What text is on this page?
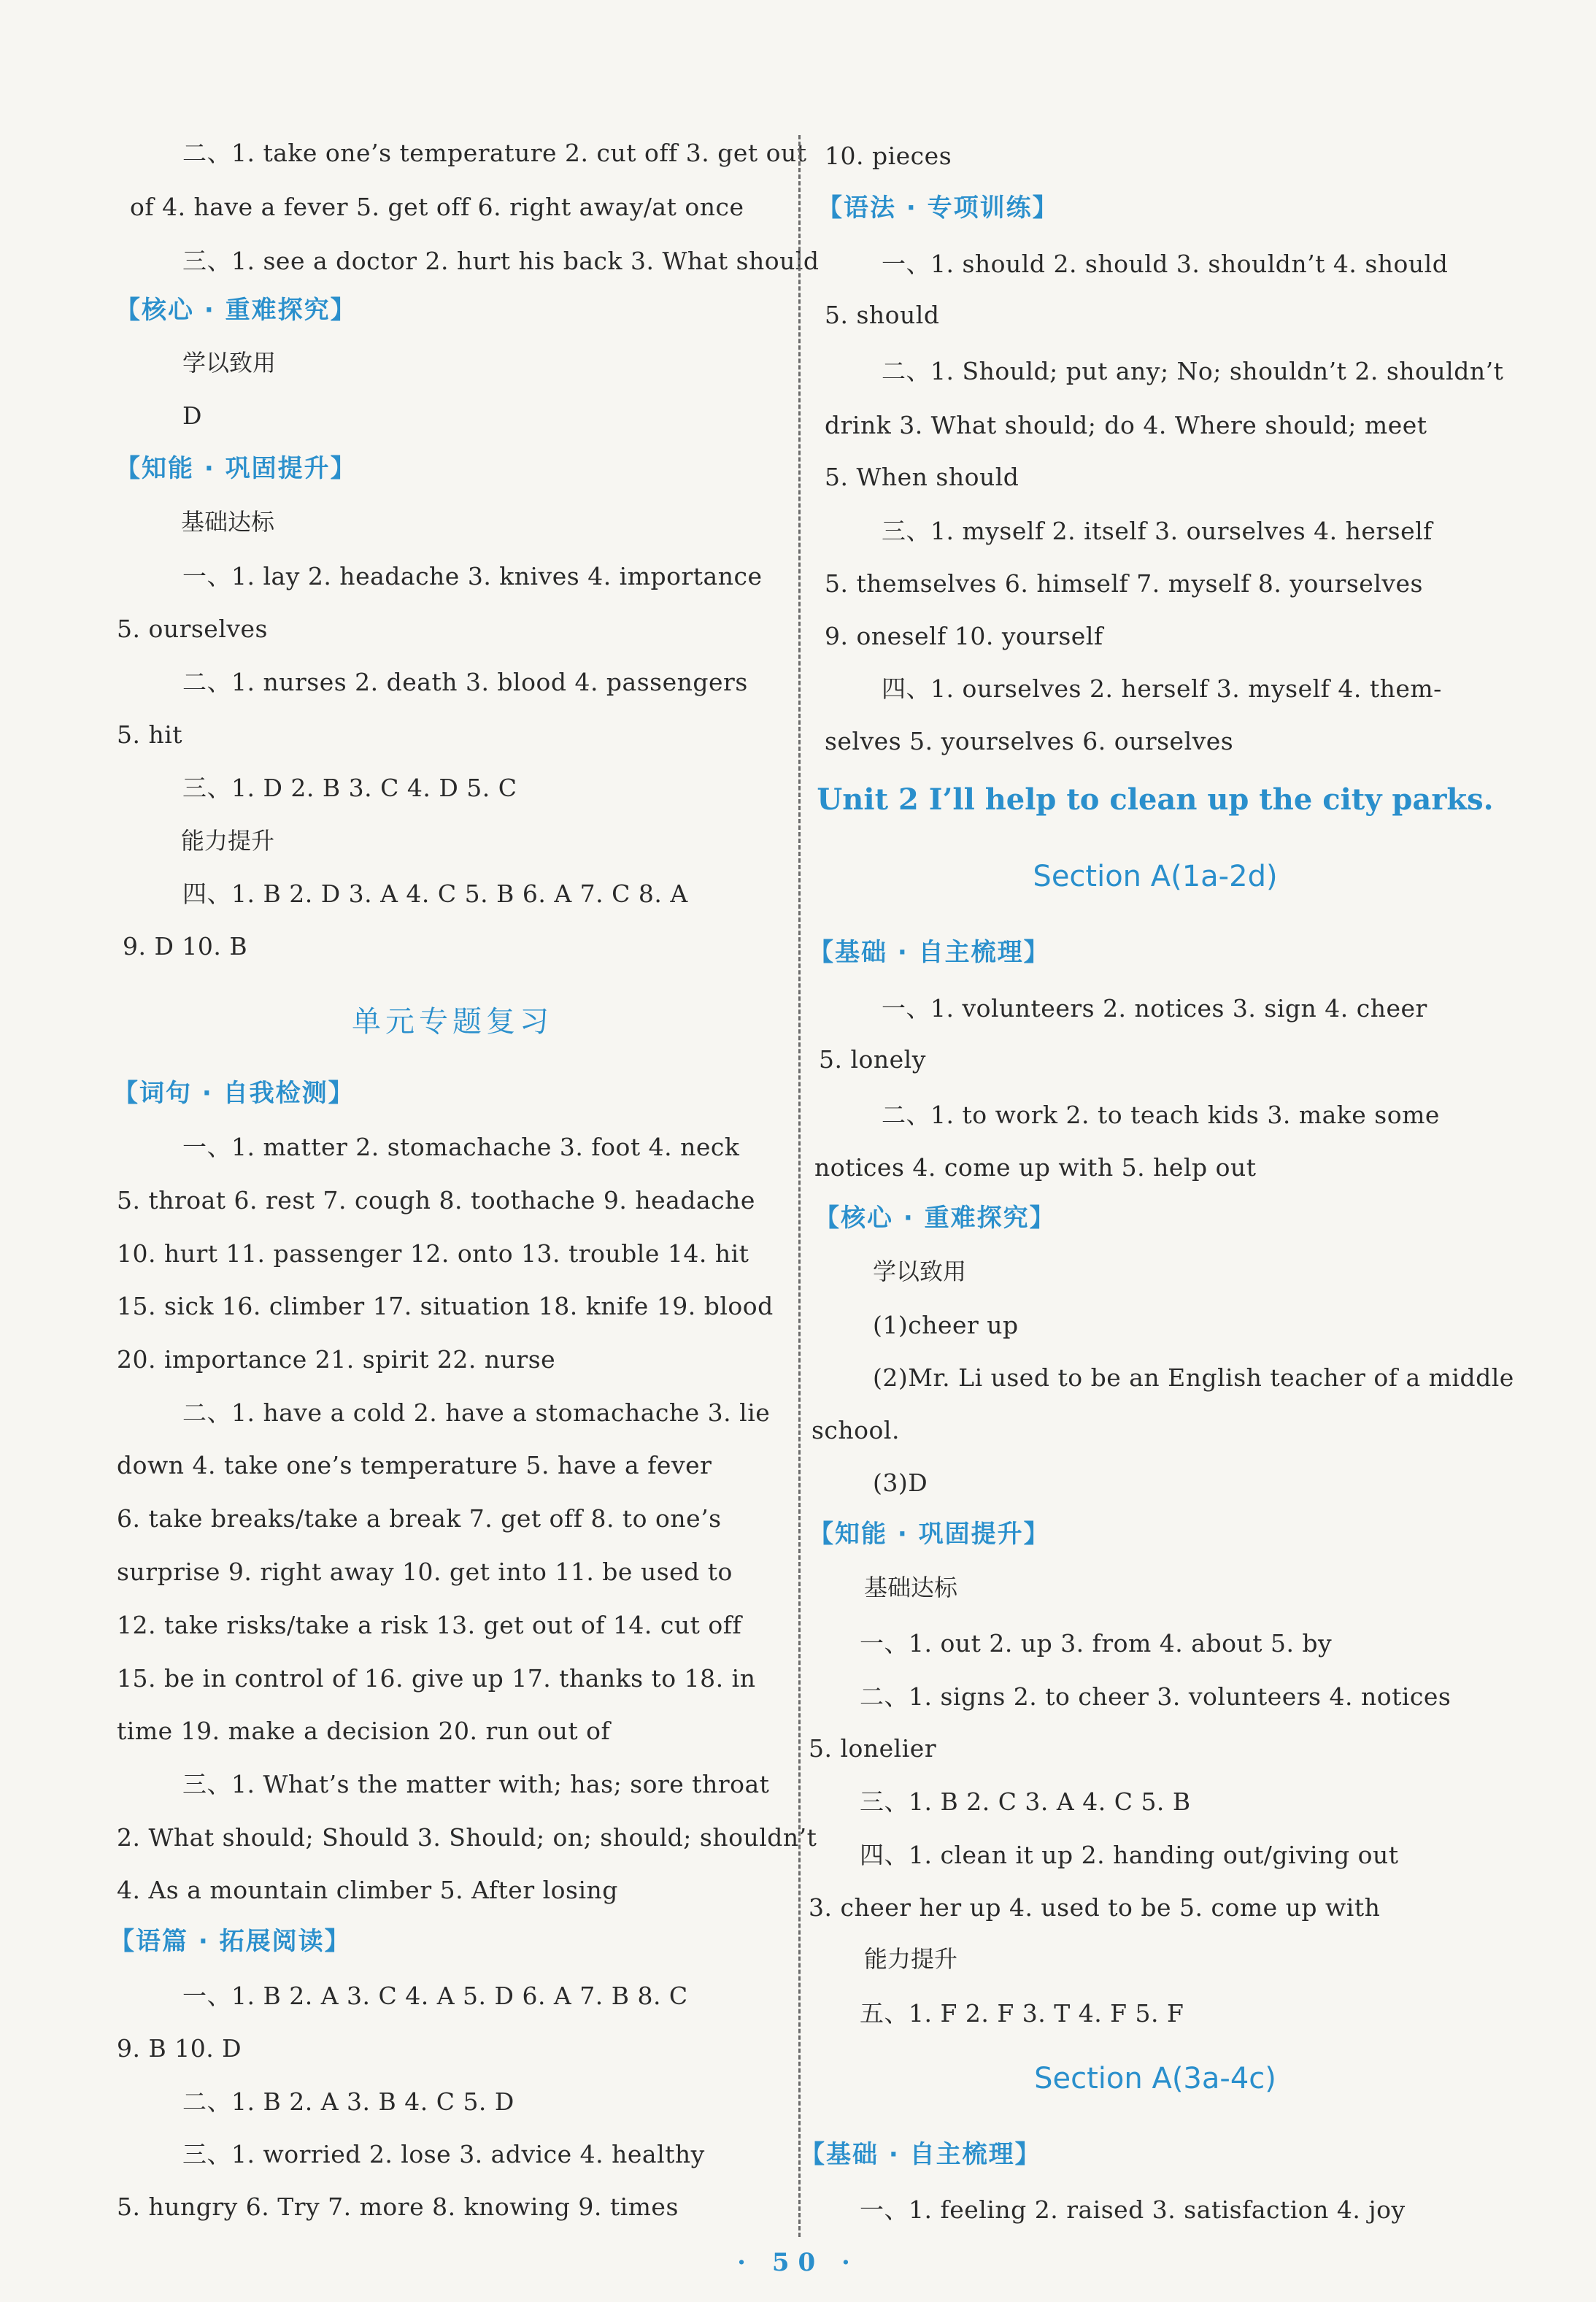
二、1. take one’s temperature 2. cut off 3. get out
of 4. have a fever 5. get off 6. right away/at once
三、1. see a doctor 2. hurt his back 3. What should
【核心 · 重难探究】
学以致用
D
【知能 · 巩固提升】
基础达标
一、1. lay 2. headache 3. knives 4. importance
5. ourselves
二、1. nurses 2. death 3. blood 4. passengers
5. hit
三、1. D 2. B 3. C 4. D 5. C
能力提升
四、1. B 2. D 3. A 4. C 5. B 6. A 7. C 8. A
9. D 10. B
单元专题复习
【词句 · 自我检测】
一、1. matter 2. stomachache 3. foot 4. neck
5. throat 6. rest 7. cough 8. toothache 9. headache
10. hurt 11. passenger 12. onto 13. trouble 14. hit
15. sick 16. climber 17. situation 18. knife 19. blood
20. importance 21. spirit 22. nurse
二、1. have a cold 2. have a stomachache 3. lie
down 4. take one’s temperature 5. have a fever
6. take breaks/take a break 7. get off 8. to one’s
surprise 9. right away 10. get into 11. be used to
12. take risks/take a risk 13. get out of 14. cut off
15. be in control of 16. give up 17. thanks to 18. in
time 19. make a decision 20. run out of
三、1. What’s the matter with; has; sore throat
2. What should; Should 3. Should; on; should; shouldn’t
4. As a mountain climber 5. After losing
【语篇 · 拓展阅读】
一、1. B 2. A 3. C 4. A 5. D 6. A 7. B 8. C
9. B 10. D
二、1. B 2. A 3. B 4. C 5. D
三、1. worried 2. lose 3. advice 4. healthy
5. hungry 6. Try 7. more 8. knowing 9. times
10. pieces
【语法 · 专项训练】
一、1. should 2. should 3. shouldn’t 4. should
5. should
二、1. Should; put any; No; shouldn’t 2. shouldn’t
drink 3. What should; do 4. Where should; meet
5. When should
三、1. myself 2. itself 3. ourselves 4. herself
5. themselves 6. himself 7. myself 8. yourselves
9. oneself 10. yourself
四、1. ourselves 2. herself 3. myself 4. them-
selves 5. yourselves 6. ourselves
Unit 2 I’ll help to clean up the city parks.
Section A(1a-2d)
【基础 · 自主梳理】
一、1. volunteers 2. notices 3. sign 4. cheer
5. lonely
二、1. to work 2. to teach kids 3. make some
notices 4. come up with 5. help out
【核心 · 重难探究】
学以致用
(1)cheer up
(2)Mr. Li used to be an English teacher of a middle
school.
(3)D
【知能 · 巩固提升】
基础达标
一、1. out 2. up 3. from 4. about 5. by
二、1. signs 2. to cheer 3. volunteers 4. notices
5. lonelier
三、1. B 2. C 3. A 4. C 5. B
四、1. clean it up 2. handing out/giving out
3. cheer her up 4. used to be 5. come up with
能力提升
五、1. F 2. F 3. T 4. F 5. F
Section A(3a-4c)
【基础 · 自主梳理】
一、1. feeling 2. raised 3. satisfaction 4. joy
· 50 ·
